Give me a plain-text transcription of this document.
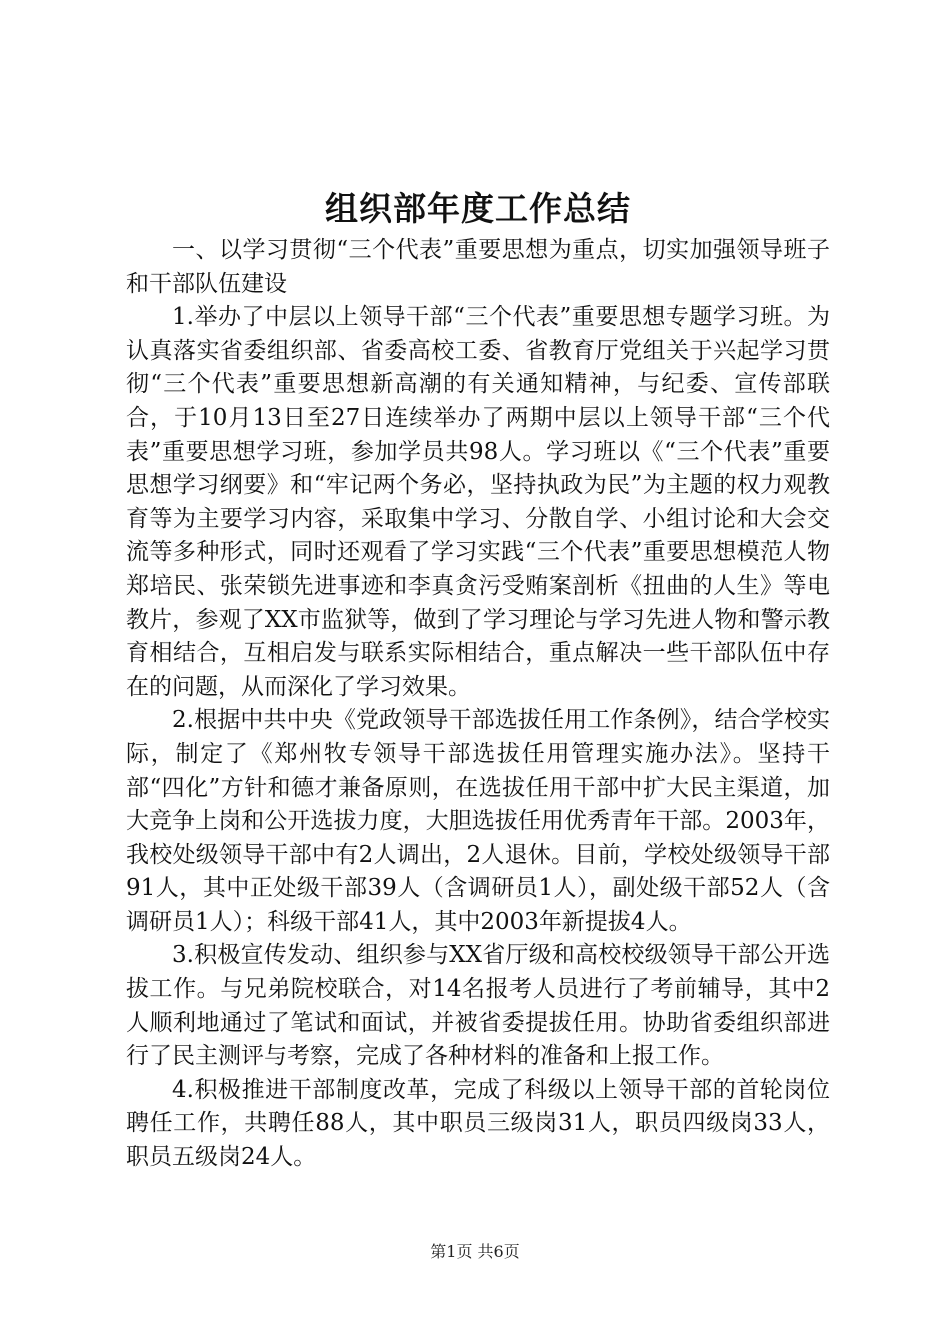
组织部年度工作总结

一、以学习贯彻“三个代表”重要思想为重点，切实加强领导班子和干部队伍建设

1.举办了中层以上领导干部“三个代表”重要思想专题学习班。为认真落实省委组织部、省委高校工委、省教育厅党组关于兴起学习贯彻“三个代表”重要思想新高潮的有关通知精神，与纪委、宣传部联合，于10月13日至27日连续举办了两期中层以上领导干部“三个代表”重要思想学习班，参加学员共98人。学习班以《“三个代表”重要思想学习纲要》和“牢记两个务必，坚持执政为民”为主题的权力观教育等为主要学习内容，采取集中学习、分散自学、小组讨论和大会交流等多种形式，同时还观看了学习实践“三个代表”重要思想模范人物郑培民、张荣锁先进事迹和李真贪污受贿案剖析《扭曲的人生》等电教片，参观了XX市监狱等，做到了学习理论与学习先进人物和警示教育相结合，互相启发与联系实际相结合，重点解决一些干部队伍中存在的问题，从而深化了学习效果。

2.根据中共中央《党政领导干部选拔任用工作条例》，结合学校实际，制定了《郑州牧专领导干部选拔任用管理实施办法》。坚持干部“四化”方针和德才兼备原则，在选拔任用干部中扩大民主渠道，加大竞争上岗和公开选拔力度，大胆选拔任用优秀青年干部。2003年，我校处级领导干部中有2人调出，2人退休。目前，学校处级领导干部91人，其中正处级干部39人（含调研员1人），副处级干部52人（含调研员1人）；科级干部41人，其中2003年新提拔4人。

3.积极宣传发动、组织参与XX省厅级和高校校级领导干部公开选拔工作。与兄弟院校联合，对14名报考人员进行了考前辅导，其中2人顺利地通过了笔试和面试，并被省委提拔任用。协助省委组织部进行了民主测评与考察，完成了各种材料的准备和上报工作。

4.积极推进干部制度改革，完成了科级以上领导干部的首轮岗位聘任工作，共聘任88人，其中职员三级岗31人，职员四级岗33人，职员五级岗24人。

第1页 共6页
